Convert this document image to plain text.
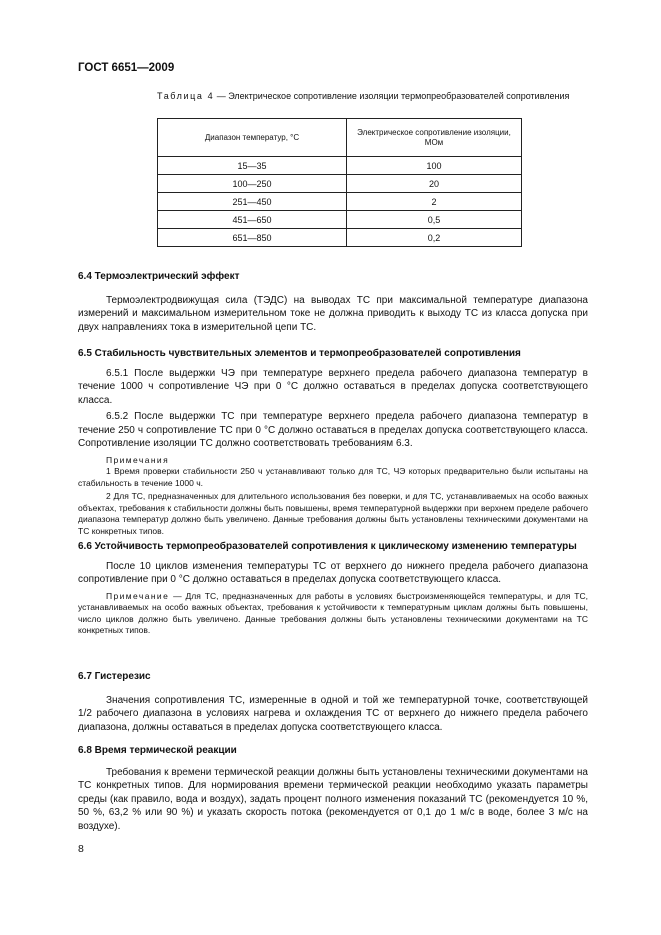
ГОСТ 6651—2009
Таблица 4 — Электрическое сопротивление изоляции термопреобразователей сопротивления
Диапазон температур, °С	Электрическое сопротивление изоляции, МОм
15—35	100
100—250	20
251—450	2
451—650	0,5
651—850	0,2
6.4 Термоэлектрический эффект
Термоэлектродвижущая сила (ТЭДС) на выводах ТС при максимальной температуре диапазона измерений и максимальном измерительном токе не должна приводить к выходу ТС из класса допуска при двух направлениях тока в измерительной цепи ТС.
6.5 Стабильность чувствительных элементов и термопреобразователей сопротивления
6.5.1 После выдержки ЧЭ при температуре верхнего предела рабочего диапазона температур в течение 1000 ч сопротивление ЧЭ при 0 °С должно оставаться в пределах допуска соответствующего класса.
6.5.2 После выдержки ТС при температуре верхнего предела рабочего диапазона температур в течение 250 ч сопротивление ТС при 0 °С должно оставаться в пределах допуска соответствующего класса. Сопротивление изоляции ТС должно соответствовать требованиям 6.3.
Примечания
1 Время проверки стабильности 250 ч устанавливают только для ТС, ЧЭ которых предварительно были испытаны на стабильность в течение 1000 ч.
2 Для ТС, предназначенных для длительного использования без поверки, и для ТС, устанавливаемых на особо важных объектах, требования к стабильности должны быть повышены, время температурной выдержки при верхнем пределе рабочего диапазона температур должно быть увеличено. Данные требования должны быть установлены техническими документами на ТС конкретных типов.
6.6 Устойчивость термопреобразователей сопротивления к циклическому изменению температуры
После 10 циклов изменения температуры ТС от верхнего до нижнего предела рабочего диапазона сопротивление при 0 °С должно оставаться в пределах допуска соответствующего класса.
Примечание — Для ТС, предназначенных для работы в условиях быстроизменяющейся температуры, и для ТС, устанавливаемых на особо важных объектах, требования к устойчивости к температурным циклам должны быть повышены, число циклов должно быть увеличено. Данные требования должны быть установлены техническими документами на ТС конкретных типов.
6.7 Гистерезис
Значения сопротивления ТС, измеренные в одной и той же температурной точке, соответствующей 1/2 рабочего диапазона в условиях нагрева и охлаждения ТС от верхнего до нижнего предела рабочего диапазона, должны оставаться в пределах допуска соответствующего класса.
6.8 Время термической реакции
Требования к времени термической реакции должны быть установлены техническими документами на ТС конкретных типов. Для нормирования времени термической реакции необходимо указать параметры среды (как правило, вода и воздух), задать процент полного изменения показаний ТС (рекомендуется 10 %, 50 %, 63,2 % или 90 %) и указать скорость потока (рекомендуется от 0,1 до 1 м/с в воде, более 3 м/с на воздухе).
8
